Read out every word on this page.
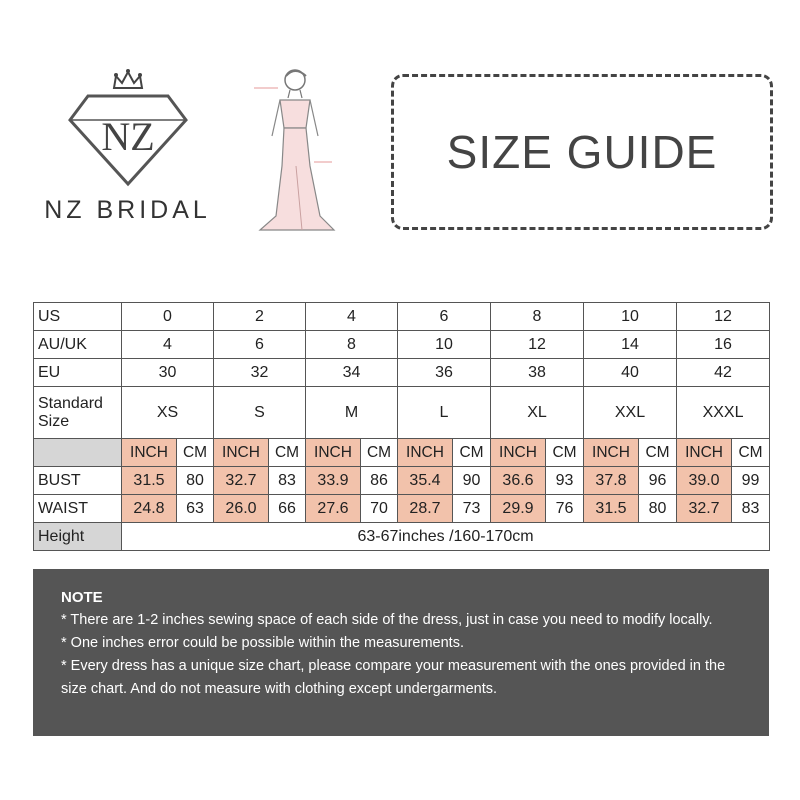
NZ
NZ BRIDAL
SIZE GUIDE
US	0		2		4		6		8		10		12	
AU/UK	4		6		8		10		12		14		16	
EU	30		32		34		36		38		40		42	
Standard Size	XS		S		M		L		XL		XXL		XXXL	
	INCH	CM	INCH	CM	INCH	CM	INCH	CM	INCH	CM	INCH	CM	INCH	CM
BUST	31.5	80	32.7	83	33.9	86	35.4	90	36.6	93	37.8	96	39.0	99
WAIST	24.8	63	26.0	66	27.6	70	28.7	73	29.9	76	31.5	80	32.7	83
Height	63-67inches /160-170cm													
NOTE

* There are 1-2 inches sewing space of each side of the dress, just in case you need to modify locally.

* One inches error could be possible within the measurements.

* Every dress has a unique size chart, please compare your measurement with the ones provided in the size chart. And do not measure with clothing except undergarments.
